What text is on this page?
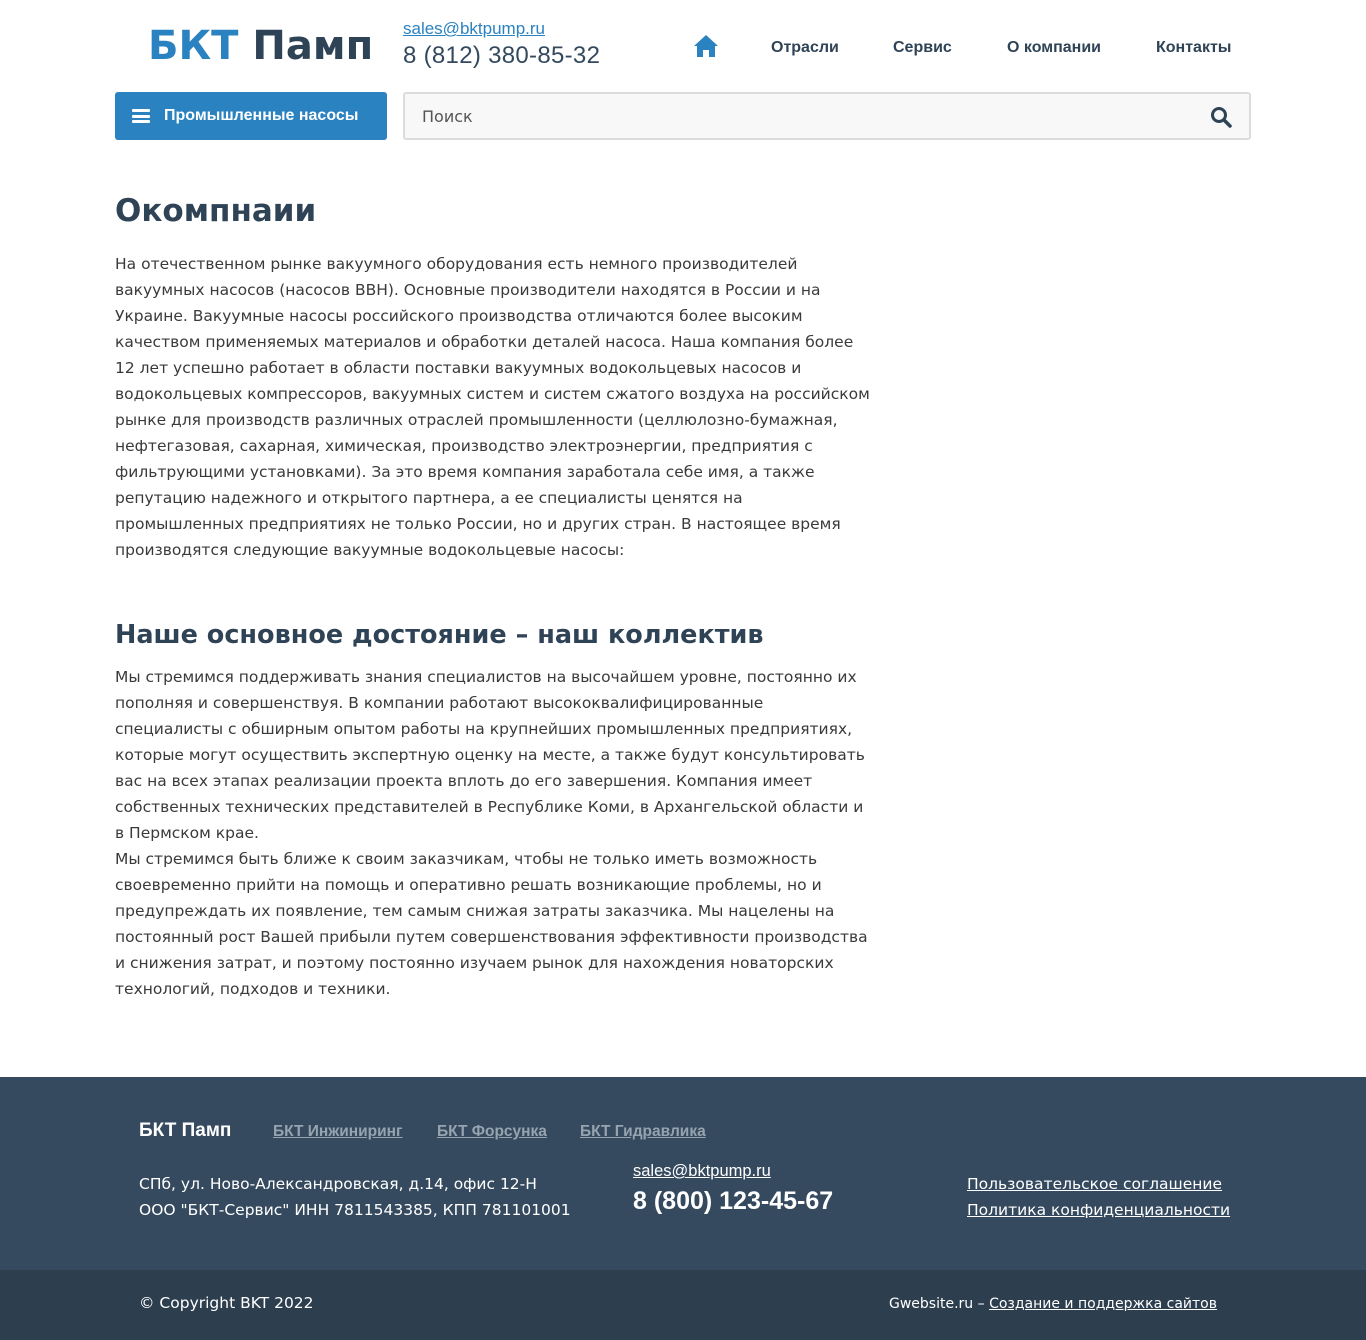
БКТ Памп sales@bktpump.ru
8 (812) 380-85-32	Отрасли	Сервис	О компании	Контакты
Промышленные насосы
Поиск
Окомпнаии

На отечественном рынке вакуумного оборудования есть немного производителей вакуумных насосов (насосов ВВН). Основные производители находятся в России и на Украине. Вакуумные насосы российского производства отличаются более высоким качеством применяемых материалов и обработки деталей насоса. Наша компания более 12 лет успешно работает в области поставки вакуумных водокольцевых насосов и водокольцевых компрессоров, вакуумных систем и систем сжатого воздуха на российском рынке для производств различных отраслей промышленности (целлюлозно-бумажная, нефтегазовая, сахарная, химическая, производство электроэнергии, предприятия с фильтрующими установками). За это время компания заработала себе имя, а также репутацию надежного и открытого партнера, а ее специалисты ценятся на промышленных предприятиях не только России, но и других стран. В настоящее время производятся следующие вакуумные водокольцевые насосы:

Наше основное достояние – наш коллектив

Мы стремимся поддерживать знания специалистов на высочайшем уровне, постоянно их пополняя и совершенствуя. В компании работают высококвалифицированные специалисты с обширным опытом работы на крупнейших промышленных предприятиях, которые могут осуществить экспертную оценку на месте, а также будут консультировать вас на всех этапах реализации проекта вплоть до его завершения. Компания имеет собственных технических представителей в Республике Коми, в Архангельской области и в Пермском крае.

Мы стремимся быть ближе к своим заказчикам, чтобы не только иметь возможность своевременно прийти на помощь и оперативно решать возникающие проблемы, но и предупреждать их появление, тем самым снижая затраты заказчика. Мы нацелены на постоянный рост Вашей прибыли путем совершенствования эффективности производства и снижения затрат, и поэтому постоянно изучаем рынок для нахождения новаторских технологий, подходов и техники.

БКТ Памп	БКТ Инжиниринг БКТ Форсунка БКТ Гидравлика
СПб, ул. Ново-Александровская, д.14, офис 12-Н
ООО "БКТ-Сервис" ИНН 7811543385, КПП 781101001
sales@bktpump.ru
8 (800) 123-45-67
Пользовательское соглашение
Политика конфиденциальности
© Copyright BKT 2022	Gwebsite.ru – Создание и поддержка сайтов
